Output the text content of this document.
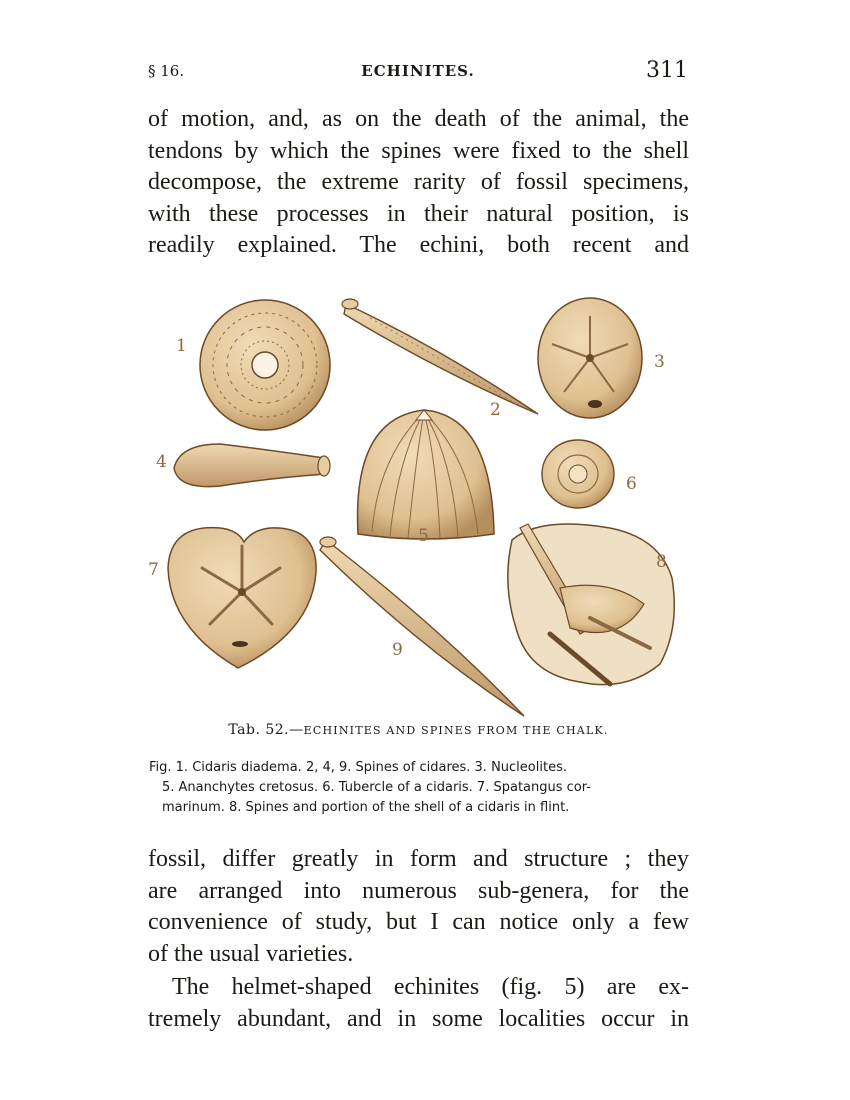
§ 16.	ECHINITES.	311

of motion, and, as on the death of the animal, the
tendons by which the spines were fixed to the shell
decompose, the extreme rarity of fossil specimens,
with these processes in their natural position, is
readily explained. The echini, both recent and

1
2
3
4
5
6
7	8
9
Tab. 52.—ECHINITES AND SPINES FROM THE CHALK.
Fig. 1. Cidaris diadema. 2, 4, 9. Spines of cidares. 3. Nucleolites.
5. Ananchytes cretosus. 6. Tubercle of a cidaris. 7. Spatangus cor-
marinum. 8. Spines and portion of the shell of a cidaris in flint.

fossil, differ greatly in form and structure ; they
are arranged into numerous sub-genera, for the
convenience of study, but I can notice only a few
of the usual varieties.

The helmet-shaped echinites (fig. 5) are ex-
tremely abundant, and in some localities occur in
